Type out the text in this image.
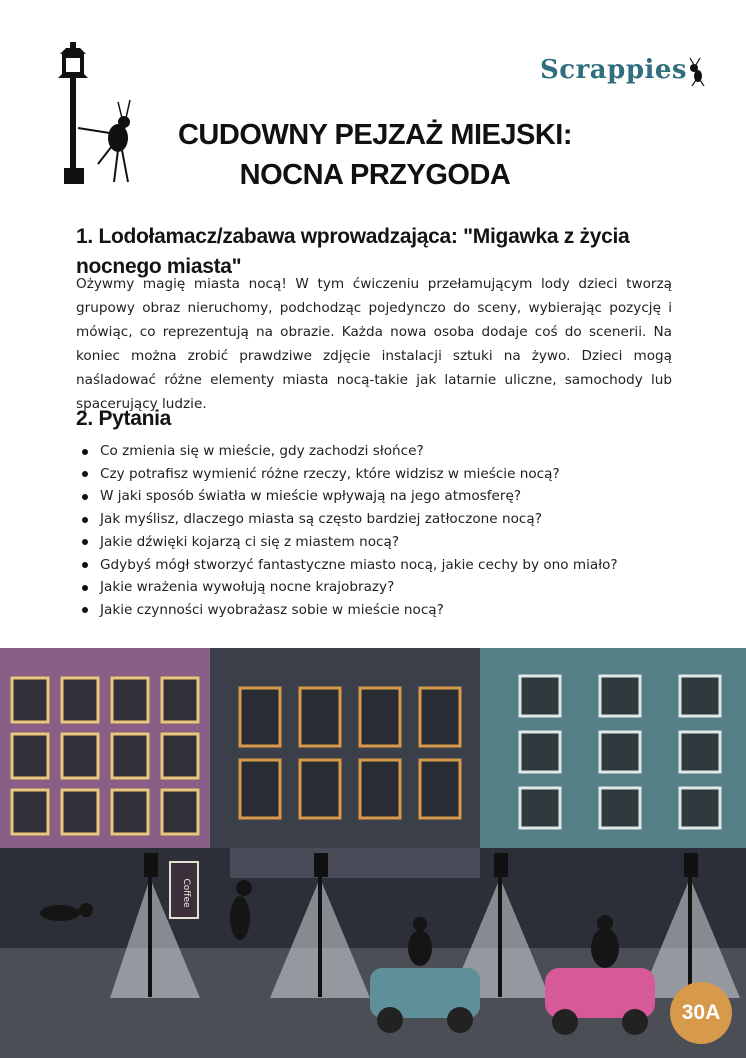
Scrappies
CUDOWNY PEJZAŻ MIEJSKI:
NOCNA PRZYGODA
1. Lodołamacz/zabawa wprowadzająca: "Migawka z życia nocnego miasta"

Ożywmy magię miasta nocą! W tym ćwiczeniu przełamującym lody dzieci tworzą grupowy obraz nieruchomy, podchodząc pojedynczo do sceny, wybierając pozycję i mówiąc, co reprezentują na obrazie. Każda nowa osoba dodaje coś do scenerii. Na koniec można zrobić prawdziwe zdjęcie instalacji sztuki na żywo. Dzieci mogą naśladować różne elementy miasta nocą-takie jak latarnie uliczne, samochody lub spacerujący ludzie.

2. Pytania
Co zmienia się w mieście, gdy zachodzi słońce?
Czy potrafisz wymienić różne rzeczy, które widzisz w mieście nocą?
W jaki sposób światła w mieście wpływają na jego atmosferę?
Jak myślisz, dlaczego miasta są często bardziej zatłoczone nocą?
Jakie dźwięki kojarzą ci się z miastem nocą?
Gdybyś mógł stworzyć fantastyczne miasto nocą, jakie cechy by ono miało?
Jakie wrażenia wywołują nocne krajobrazy?
Jakie czynności wyobrażasz sobie w mieście nocą?
Coffee
30A
